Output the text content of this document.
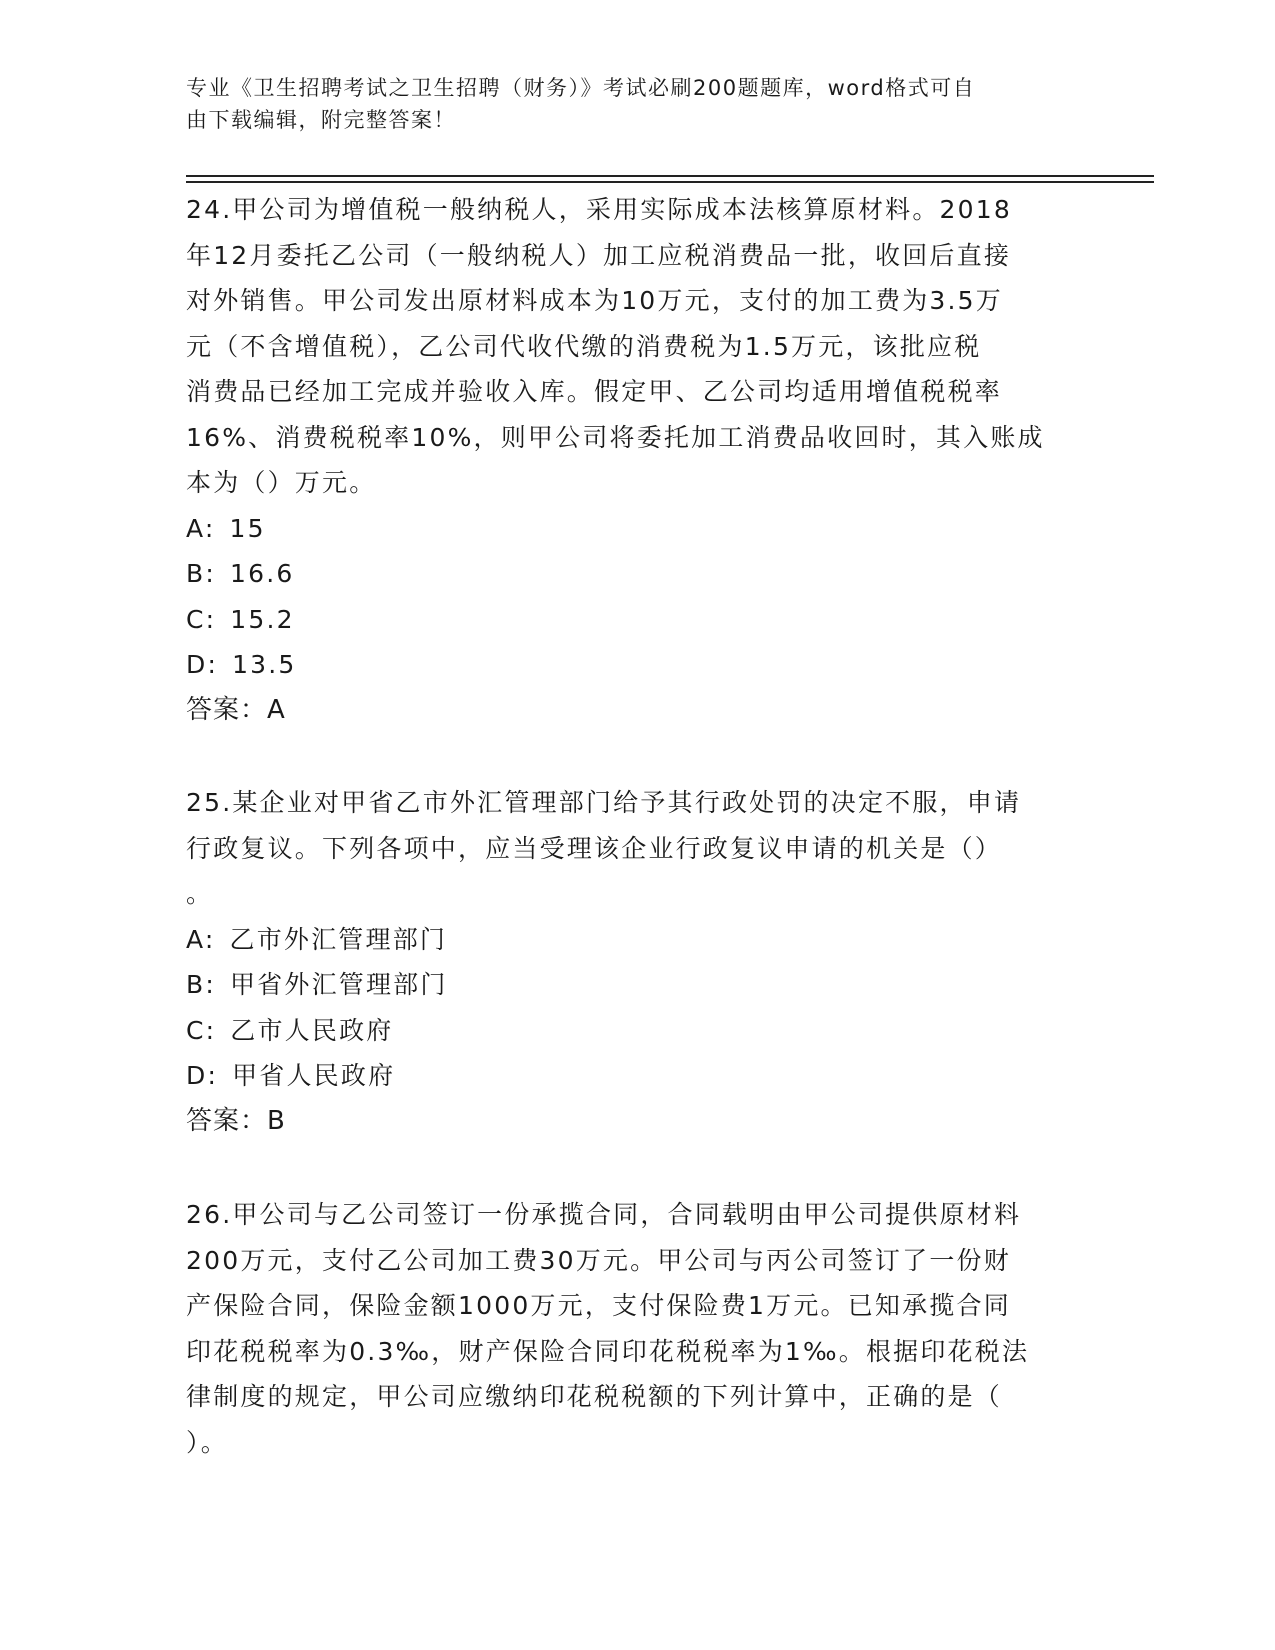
专业《卫生招聘考试之卫生招聘（财务）》考试必刷200题题库，word格式可自
由下载编辑，附完整答案！

24.甲公司为增值税一般纳税人，采用实际成本法核算原材料。2018

年12月委托乙公司（一般纳税人）加工应税消费品一批，收回后直接

对外销售。甲公司发出原材料成本为10万元，支付的加工费为3.5万

元（不含增值税），乙公司代收代缴的消费税为1.5万元，该批应税

消费品已经加工完成并验收入库。假定甲、乙公司均适用增值税税率

16%、消费税税率10%，则甲公司将委托加工消费品收回时，其入账成

本为（）万元。

A: 15

B: 16.6

C: 15.2

D: 13.5

答案：A

25.某企业对甲省乙市外汇管理部门给予其行政处罚的决定不服，申请

行政复议。下列各项中，应当受理该企业行政复议申请的机关是（）

。

A: 乙市外汇管理部门

B: 甲省外汇管理部门

C: 乙市人民政府

D: 甲省人民政府

答案：B

26.甲公司与乙公司签订一份承揽合同，合同载明由甲公司提供原材料

200万元，支付乙公司加工费30万元。甲公司与丙公司签订了一份财

产保险合同，保险金额1000万元，支付保险费1万元。已知承揽合同

印花税税率为0.3‰，财产保险合同印花税税率为1‰。根据印花税法

律制度的规定，甲公司应缴纳印花税税额的下列计算中，正确的是（

）。
